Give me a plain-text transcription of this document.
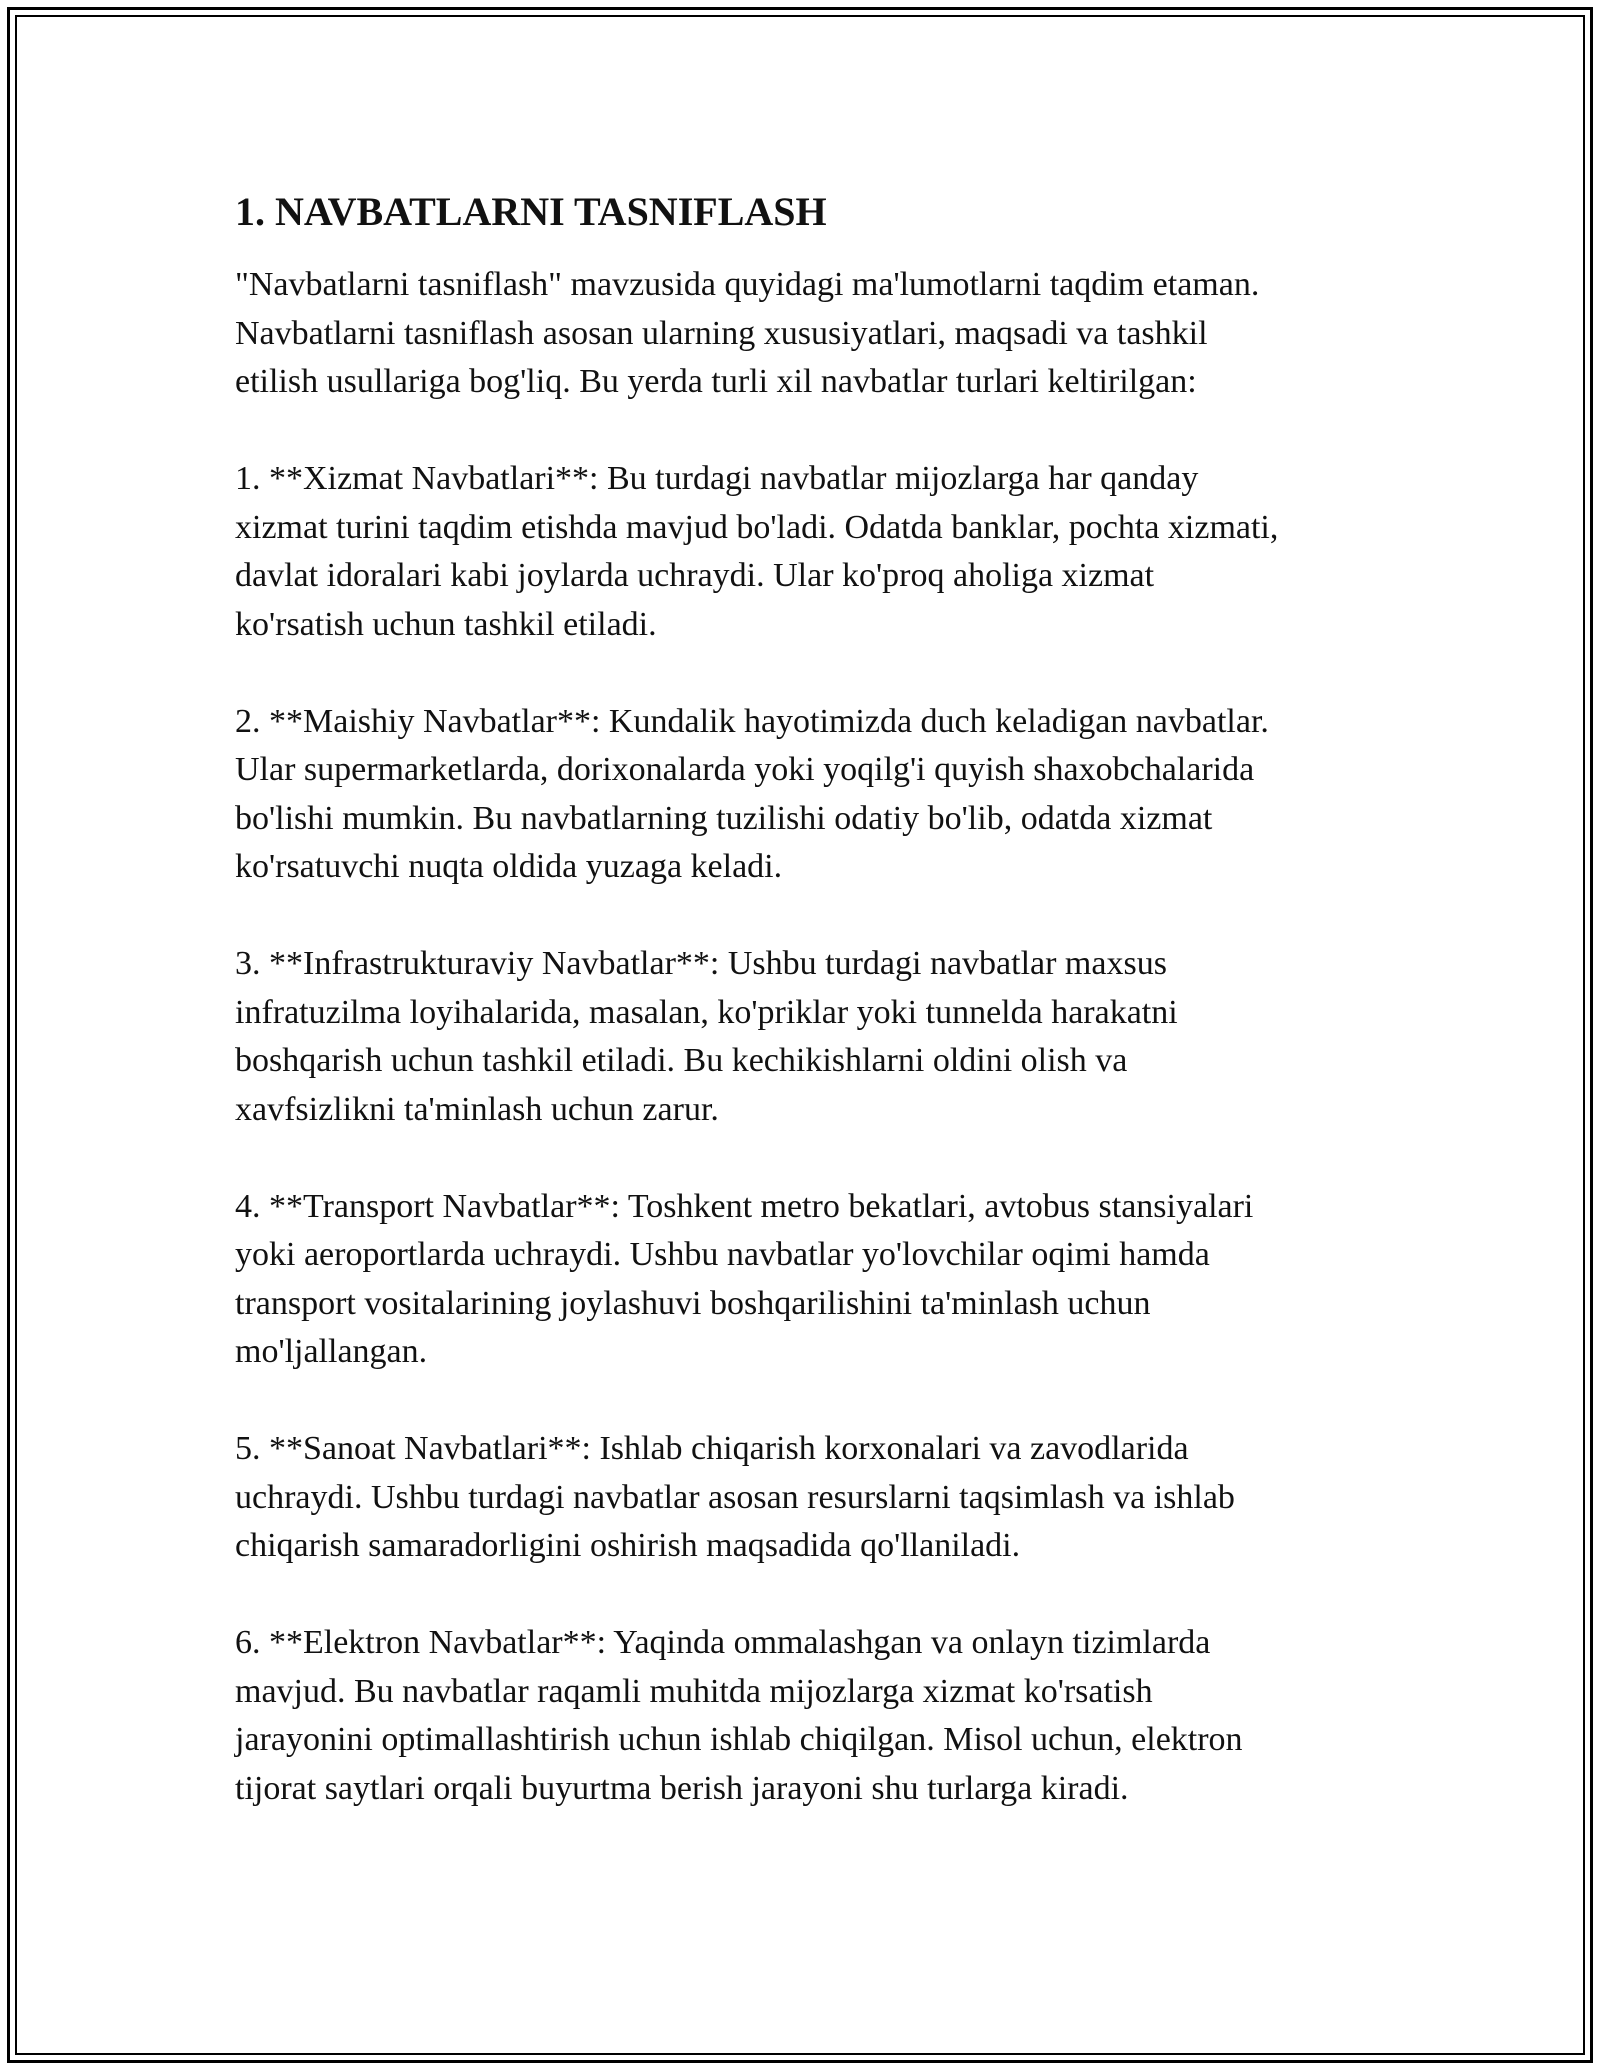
1. NAVBATLARNI TASNIFLASH

"Navbatlarni tasniflash" mavzusida quyidagi ma'lumotlarni taqdim etaman.
Navbatlarni tasniflash asosan ularning xususiyatlari, maqsadi va tashkil
etilish usullariga bog'liq. Bu yerda turli xil navbatlar turlari keltirilgan:

1. **Xizmat Navbatlari**: Bu turdagi navbatlar mijozlarga har qanday
xizmat turini taqdim etishda mavjud bo'ladi. Odatda banklar, pochta xizmati,
davlat idoralari kabi joylarda uchraydi. Ular ko'proq aholiga xizmat
ko'rsatish uchun tashkil etiladi.

2. **Maishiy Navbatlar**: Kundalik hayotimizda duch keladigan navbatlar.
Ular supermarketlarda, dorixonalarda yoki yoqilg'i quyish shaxobchalarida
bo'lishi mumkin. Bu navbatlarning tuzilishi odatiy bo'lib, odatda xizmat
ko'rsatuvchi nuqta oldida yuzaga keladi.

3. **Infrastrukturaviy Navbatlar**: Ushbu turdagi navbatlar maxsus
infratuzilma loyihalarida, masalan, ko'priklar yoki tunnelda harakatni
boshqarish uchun tashkil etiladi. Bu kechikishlarni oldini olish va
xavfsizlikni ta'minlash uchun zarur.

4. **Transport Navbatlar**: Toshkent metro bekatlari, avtobus stansiyalari
yoki aeroportlarda uchraydi. Ushbu navbatlar yo'lovchilar oqimi hamda
transport vositalarining joylashuvi boshqarilishini ta'minlash uchun
mo'ljallangan.

5. **Sanoat Navbatlari**: Ishlab chiqarish korxonalari va zavodlarida
uchraydi. Ushbu turdagi navbatlar asosan resurslarni taqsimlash va ishlab
chiqarish samaradorligini oshirish maqsadida qo'llaniladi.

6. **Elektron Navbatlar**: Yaqinda ommalashgan va onlayn tizimlarda
mavjud. Bu navbatlar raqamli muhitda mijozlarga xizmat ko'rsatish
jarayonini optimallashtirish uchun ishlab chiqilgan. Misol uchun, elektron
tijorat saytlari orqali buyurtma berish jarayoni shu turlarga kiradi.
